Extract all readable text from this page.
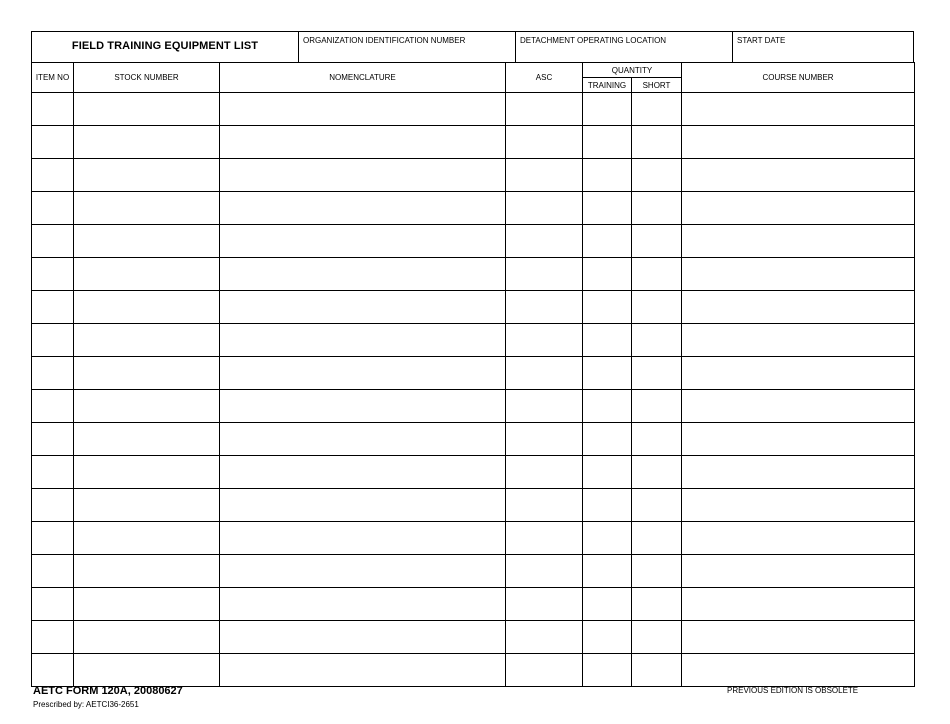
FIELD TRAINING EQUIPMENT LIST	ORGANIZATION IDENTIFICATION NUMBER	DETACHMENT OPERATING LOCATION	START DATE
ITEM NO	STOCK NUMBER	NOMENCLATURE	ASC	QUANTITY		COURSE NUMBER
				TRAINING	SHORT	

AETC FORM 120A, 20080627
Prescribed by: AETCI36-2651
PREVIOUS EDITION IS OBSOLETE
